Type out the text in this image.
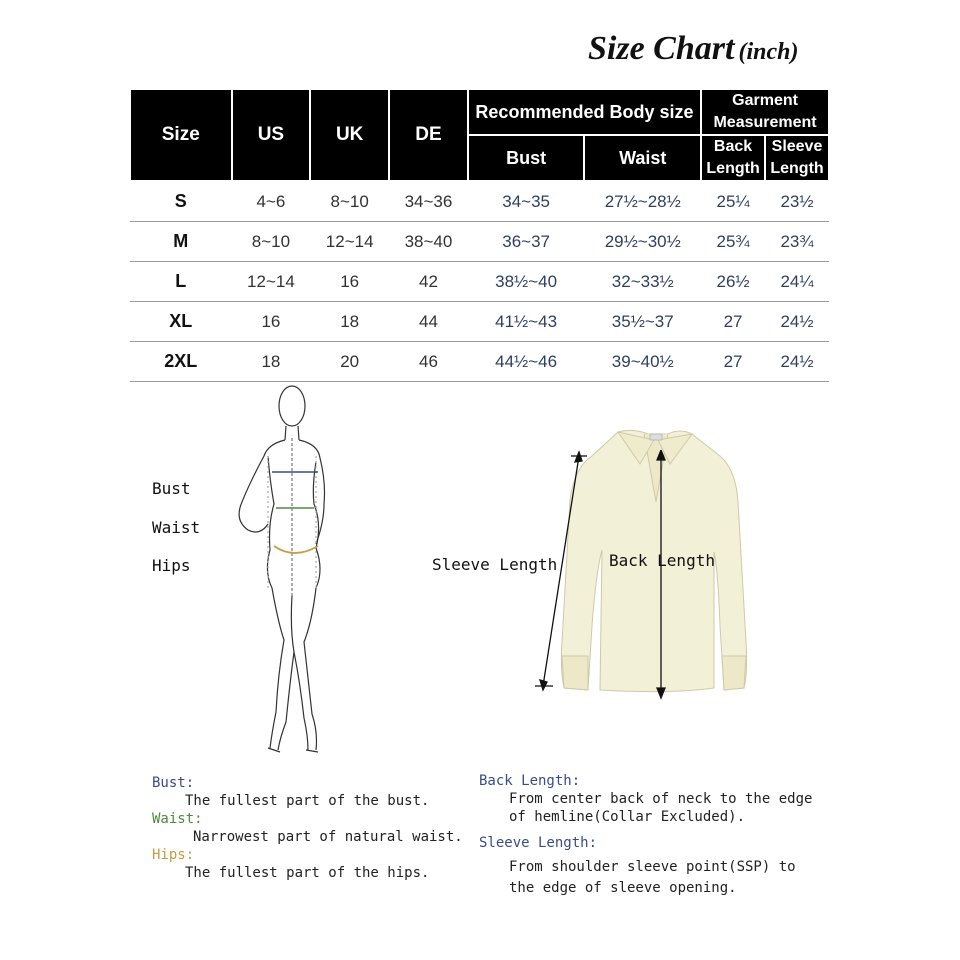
Size Chart (inch)
Size	US	UK	DE	Recommended Body size		Garment Measurement	
				Bust	Waist	Back Length	Sleeve Length
S	4~6	8~10	34~36	34~35	27½~28½	25¼	23½
M	8~10	12~14	38~40	36~37	29½~30½	25¾	23¾
L	12~14	16	42	38½~40	32~33½	26½	24¼
XL	16	18	44	41½~43	35½~37	27	24½
2XL	18	20	46	44½~46	39~40½	27	24½
Bust
Waist
Hips	Sleeve Length	Back Length
Bust:
The fullest part of the bust.
Waist:
Narrowest part of natural waist.
Hips:
The fullest part of the hips.
Back Length:
From center back of neck to the edge
of hemline(Collar Excluded).
Sleeve Length:
From shoulder sleeve point(SSP) to
the edge of sleeve opening.
